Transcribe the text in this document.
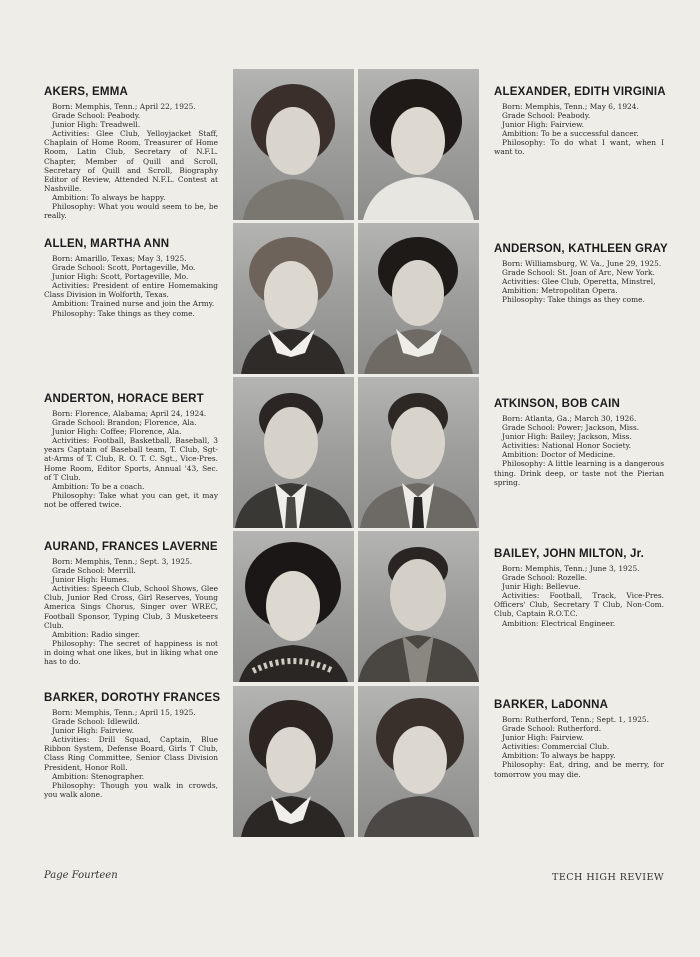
AKERS, EMMA

Born: Memphis, Tenn.; April 22, 1925.

Grade School: Peabody.

Junior High: Treadwell.

Activities: Glee Club, Yelloyjacket Staff, Chaplain of Home Room, Treasurer of Home Room, Latin Club, Secretary of N.F.L. Chapter, Member of Quill and Scroll, Secretary of Quill and Scroll, Biography Editor of Review, Attended N.F.L. Contest at Nashville.

Ambition: To always be happy.

Philosophy: What you would seem to be, be really.

ALLEN, MARTHA ANN

Born: Amarillo, Texas; May 3, 1925.

Grade School: Scott, Portageville, Mo.

Junior High: Scott, Portageville, Mo.

Activities: President of entire Homemaking Class Division in Wolforth, Texas.

Ambition: Trained nurse and join the Army.

Philosophy: Take things as they come.

ANDERTON, HORACE BERT

Born: Florence, Alabama; April 24, 1924.

Grade School: Brandon; Florence, Ala.

Junior High: Coffee; Florence, Ala.

Activities: Football, Basketball, Baseball, 3 years Captain of Baseball team, T. Club, Sgt-at-Arms of T. Club, R. O. T. C. Sgt., Vice-Pres. Home Room, Editor Sports, Annual '43, Sec. of T Club.

Ambition: To be a coach.

Philosophy: Take what you can get, it may not be offered twice.

AURAND, FRANCES LAVERNE

Born: Memphis, Tenn.; Sept. 3, 1925.

Grade School: Merrill.

Junior High: Humes.

Activities: Speech Club, School Shows, Glee Club, Junior Red Cross, Girl Reserves, Young America Sings Chorus, Singer over WREC, Football Sponsor, Typing Club, 3 Musketeers Club.

Ambition: Radio singer.

Philosophy: The secret of happiness is not in doing what one likes, but in liking what one has to do.

BARKER, DOROTHY FRANCES

Born: Memphis, Tenn.; April 15, 1925.

Grade School: Idlewild.

Junior High: Fairview.

Activities: Drill Squad, Captain, Blue Ribbon System, Defense Board, Girls T Club, Class Ring Committee, Senior Class Division President, Honor Roll.

Ambition: Stenographer.

Philosophy: Though you walk in crowds, you walk alone.

ALEXANDER, EDITH VIRGINIA

Born: Memphis, Tenn.; May 6, 1924.

Grade School: Peabody.

Junior High: Fairview.

Ambition: To be a successful dancer.

Philosophy: To do what I want, when I want to.

ANDERSON, KATHLEEN GRAY

Born: Williamsburg, W. Va., June 29, 1925.

Grade School: St. Joan of Arc, New York.

Activities: Glee Club, Operetta, Minstrel,

Ambition: Metropolitan Opera.

Philosophy: Take things as they come.

ATKINSON, BOB CAIN

Born: Atlanta, Ga.; March 30, 1926.

Grade School: Power; Jackson, Miss.

Junior High: Bailey; Jackson, Miss.

Activities: National Honor Society.

Ambition: Doctor of Medicine.

Philosophy: A little learning is a dangerous thing. Drink deep, or taste not the Pierian spring.

BAILEY, JOHN MILTON, Jr.

Born: Memphis, Tenn.; June 3, 1925.

Grade School: Rozelle.

Junir High: Bellevue.

Activities: Football, Track, Vice-Pres. Officers' Club, Secretary T Club, Non-Com. Club, Captain R.O.T.C.

Ambition: Electrical Engineer.

BARKER, LaDONNA

Born: Rutherford, Tenn.; Sept. 1, 1925.

Grade School: Rutherford.

Junior High: Fairview.

Activities: Commercial Club.

Ambition: To always be happy.

Philosophy: Eat, dring, and be merry, for tomorrow you may die.

Page Fourteen	TECH HIGH REVIEW
